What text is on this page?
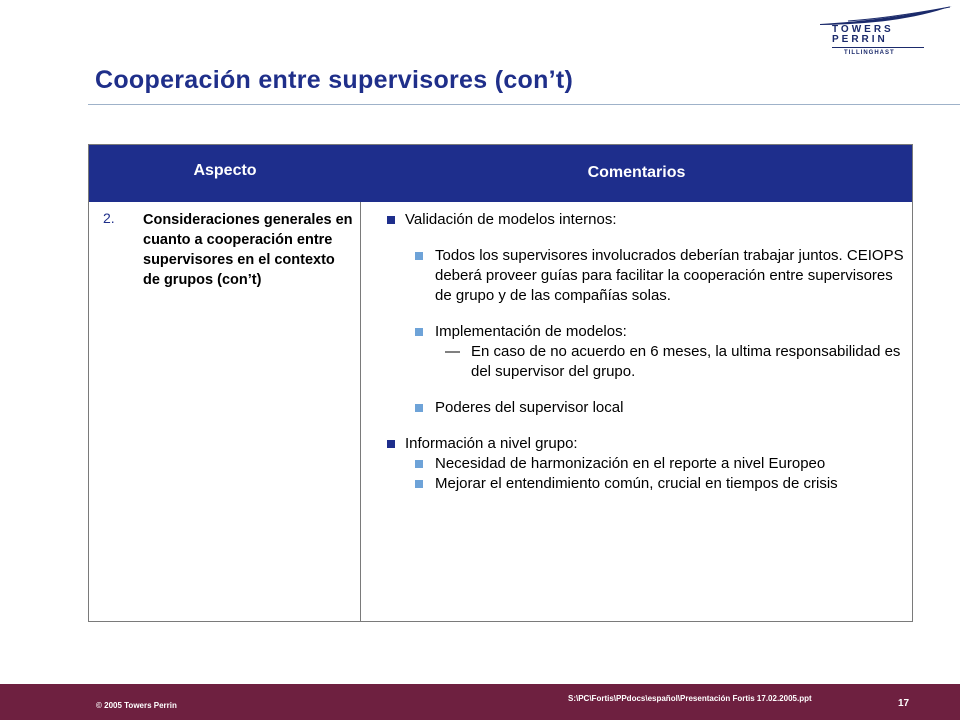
TOWERS
PERRIN
TILLINGHAST
Cooperación entre supervisores (con’t)
Aspecto	Comentarios
2. Consideraciones generales en cuanto a cooperación entre supervisores en el contexto de grupos (con’t)
Validación de modelos internos:
Todos los supervisores involucrados deberían trabajar juntos. CEIOPS deberá proveer guías para facilitar la cooperación entre supervisores de grupo y de las compañías solas.
Implementación de modelos:
— En caso de no acuerdo en 6 meses, la ultima responsabilidad es del supervisor del grupo.
Poderes del supervisor local
Información a nivel grupo:
Necesidad de harmonización en el reporte a nivel Europeo
Mejorar el entendimiento común, crucial en tiempos de crisis
© 2005 Towers Perrin
S:\PC\Fortis\PPdocs\español\Presentación Fortis 17.02.2005.ppt	17
